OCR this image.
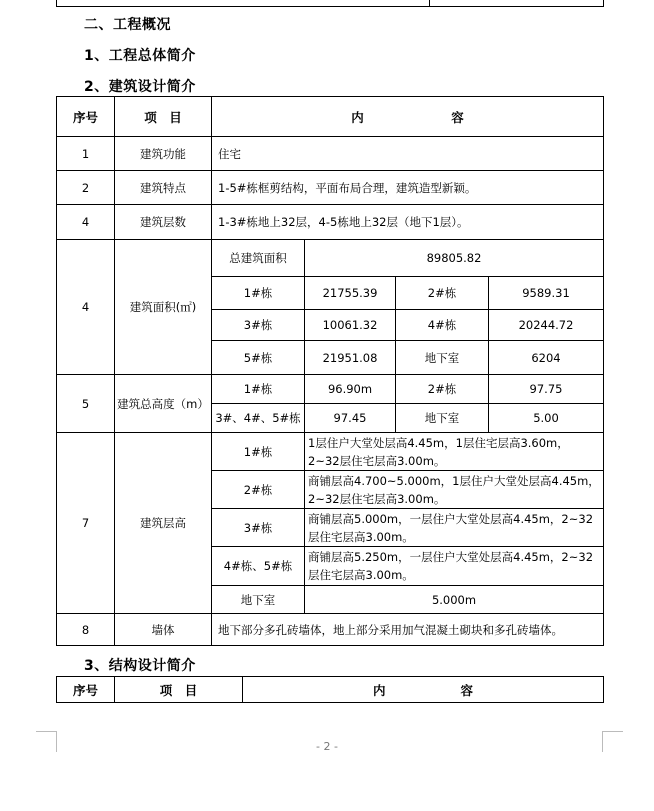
二、工程概况
1、工程总体简介
2、建筑设计简介
序号	项　目	内　　　　　　　容			
1	建筑功能	住宅			
2	建筑特点	1-5#栋框剪结构，平面布局合理，建筑造型新颖。			
4	建筑层数	1-3#栋地上32层，4-5栋地上32层（地下1层）。			
4	建筑面积(㎡)	总建筑面积	89805.82		
		1#栋	21755.39	2#栋	9589.31
		3#栋	10061.32	4#栋	20244.72
		5#栋	21951.08	地下室	6204
5	建筑总高度（m）	1#栋	96.90m	2#栋	97.75
		3#、4#、5#栋	97.45	地下室	5.00
7	建筑层高	1#栋	1层住户大堂处层高4.45m，1层住宅层高3.60m，2~32层住宅层高3.00m。		
		2#栋	商铺层高4.700~5.000m，1层住户大堂处层高4.45m，2~32层住宅层高3.00m。		
		3#栋	商铺层高5.000m，一层住户大堂处层高4.45m，2~32层住宅层高3.00m。		
		4#栋、5#栋	商铺层高5.250m，一层住户大堂处层高4.45m，2~32层住宅层高3.00m。		
		地下室	5.000m		
8	墙体	地下部分多孔砖墙体，地上部分采用加气混凝土砌块和多孔砖墙体。			
3、结构设计简介
序号	项　目	内　　　　　　容
- 2 -
